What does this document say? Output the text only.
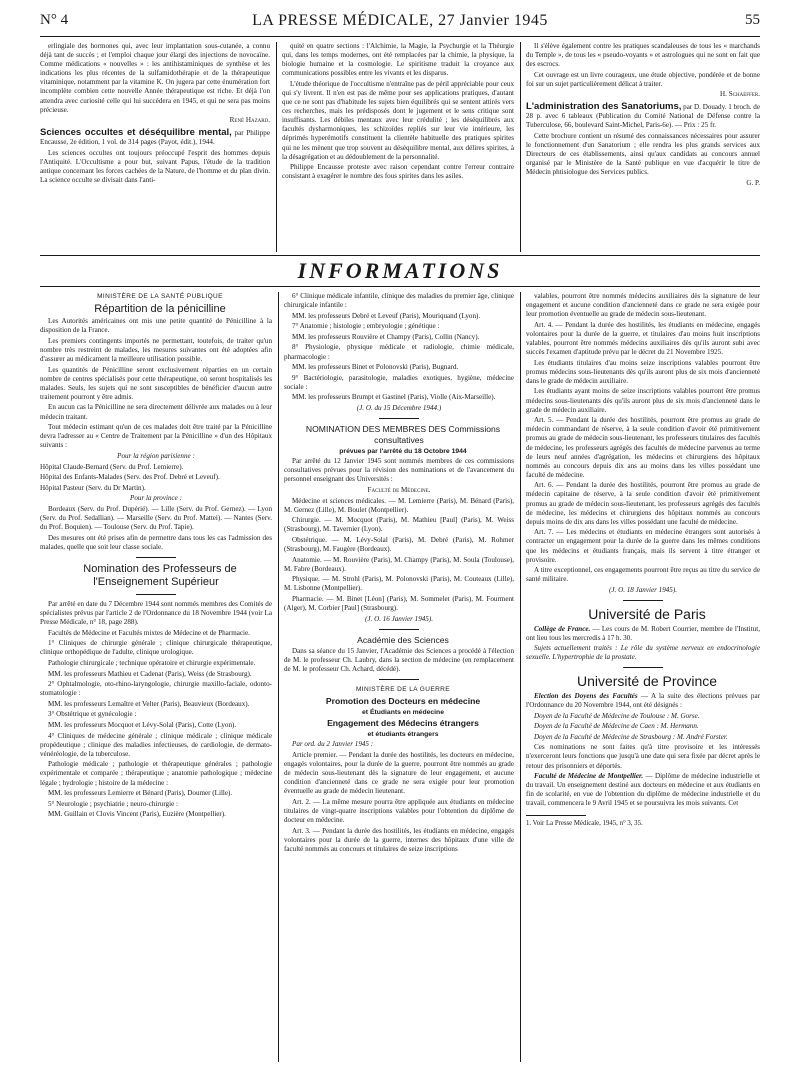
N° 4	LA PRESSE MÉDICALE, 27 Janvier 1945	55

erlingiale des hormones qui, avec leur implantation sous-cutanée, a connu déjà tant de succès ; et l'emploi chaque jour élargi des injections de novocaïne. Comme médications « nouvelles » : les antihistaminiques de synthèse et les indications les plus récentes de la sulfamidothérapie et de la thérapeutique vitaminique, notamment par la vitamine K. On jugera par cette énumération fort incomplète combien cette nouvelle Année thérapeutique est riche. Et déjà l'on attendra avec curiosité celle qui lui succédera en 1945, et qui ne sera pas moins précieuse.

René Hazard.

Sciences occultes et déséquilibre mental, par Philippe Encausse, 2e édition, 1 vol. de 314 pages (Payot, édit.), 1944.

Les sciences occultes ont toujours préoccupé l'esprit des hommes depuis l'Antiquité. L'Occultisme a pour but, suivant Papus, l'étude de la tradition antique concernant les forces cachées de la Nature, de l'homme et du plan divin. La science occulte se divisait dans l'anti-

quité en quatre sections : l'Alchimie, la Magie, la Psychurgie et la Théurgie qui, dans les temps modernes, ont été remplacées par la chimie, la physique, la biologie humaine et la cosmologie. Le spiritisme traduit la croyance aux communications possibles entre les vivants et les disparus.

L'étude théorique de l'occultisme n'entraîne pas de péril appréciable pour ceux qui s'y livrent. Il n'en est pas de même pour ses applications pratiques, d'autant que ce ne sont pas d'habitude les sujets bien équilibrés qui se sentent attirés vers ces recherches, mais les prédisposés dont le jugement et le sens critique sont insuffisants. Les débiles mentaux avec leur crédulité ; les déséquilibrés aux facultés dysharmoniques, les schizoïdes repliés sur leur vie intérieure, les déprimés hyperémotifs constituent la clientèle habituelle des pratiques spirites qui ne les mènent que trop souvent au déséquilibre mental, aux délires spirites, à la désagrégation et au dédoublement de la personnalité.

Philippe Encausse proteste avec raison cependant contre l'erreur contraire consistant à exagérer le nombre des fous spirites dans les asiles.

Il s'élève également contre les pratiques scandaleuses de tous les « marchands du Temple », de tous les « pseudo-voyants » et astrologues qui ne sont en fait que des escrocs.

Cet ouvrage est un livre courageux, une étude objective, pondérée et de bonne foi sur un sujet particulièrement délicat à traiter.

H. Schaeffer.

L'administration des Sanatoriums, par D. Douady. 1 broch. de 28 p. avec 6 tableaux (Publication du Comité National de Défense contre la Tuberculose, 66, boulevard Saint-Michel, Paris-6e). — Prix : 25 fr.

Cette brochure contient un résumé des connaissances nécessaires pour assurer le fonctionnement d'un Sanatorium ; elle rendra les plus grands services aux Directeurs de ces établissements, ainsi qu'aux candidats au concours annuel organisé par le Ministère de la Santé publique en vue d'acquérir le titre de Médecin phtisiologue des Services publics.

G. P.

INFORMATIONS

MINISTÈRE DE LA SANTÉ PUBLIQUE

Répartition de la pénicilline

Les Autorités américaines ont mis une petite quantité de Pénicilline à la disposition de la France.

Les premiers contingents importés ne permettant, toutefois, de traiter qu'un nombre très restreint de malades, les mesures suivantes ont été adoptées afin d'assurer au médicament la meilleure utilisation possible.

Les quantités de Pénicilline seront exclusivement réparties en un certain nombre de centres spécialisés pour cette thérapeutique, où seront hospitalisés les malades. Seuls, les sujets qui ne sont susceptibles de bénéficier d'aucun autre traitement pourront y être admis.

En aucun cas la Pénicilline ne sera directement délivrée aux malades ou à leur médecin traitant.

Tout médecin estimant qu'un de ces malades doit être traité par la Pénicilline devra l'adresser au « Centre de Traitement par la Pénicilline » d'un des Hôpitaux suivants :

Pour la région parisienne :

Hôpital Claude-Bernard (Serv. du Prof. Lemierre).

Hôpital des Enfants-Malades (Serv. des Prof. Debré et Leveuf).

Hôpital Pasteur (Serv. du Dr Martin).

Pour la province :

Bordeaux (Serv. du Prof. Dupérié). — Lille (Serv. du Prof. Gernez). — Lyon (Serv. du Prof. Sedallian). — Marseille (Serv. du Prof. Mattei). — Nantes (Serv. du Prof. Boquien). — Toulouse (Serv. du Prof. Tapie).

Des mesures ont été prises afin de permettre dans tous les cas l'admission des malades, quelle que soit leur classe sociale.

Nomination des Professeurs de l'Enseignement Supérieur

Par arrêté en date du 7 Décembre 1944 sont nommés membres des Comités de spécialistes prévus par l'article 2 de l'Ordonnance du 18 Novembre 1944 (voir La Presse Médicale, n° 18, page 288).

Facultés de Médecine et Facultés mixtes de Médecine et de Pharmacie.

1° Cliniques de chirurgie générale ; clinique chirurgicale thérapeutique, clinique orthopédique de l'adulte, clinique urologique.

Pathologie chirurgicale ; technique opératoire et chirurgie expérimentale.

MM. les professeurs Mathieu et Cadenat (Paris), Weiss (de Strasbourg).

2° Ophtalmologie, oto-rhino-laryngologie, chirurgie maxillo-faciale, odonto-stomatologie :

MM. les professeurs Lemaître et Velter (Paris), Beauvieux (Bordeaux).

3° Obstétrique et gynécologie :

MM. les professeurs Mocquot et Lévy-Solal (Paris), Cotte (Lyon).

4° Cliniques de médecine générale ; clinique médicale ; clinique médicale propédeutique ; clinique des maladies infectieuses, de cardiologie, de dermato-vénéréologie, de la tuberculose.

Pathologie médicale ; pathologie et thérapeutique générales ; pathologie expérimentale et comparée ; thérapeutique ; anatomie pathologique ; médecine légale ; hydrologie ; histoire de la médecine :

MM. les professeurs Lemierre et Bénard (Paris), Doumer (Lille).

5° Neurologie ; psychiatrie ; neuro-chirurgie :

MM. Guillain et Clovis Vincent (Paris), Euzière (Montpellier).

6° Clinique médicale infantile, clinique des maladies du premier âge, clinique chirurgicale infantile :

MM. les professeurs Debré et Leveuf (Paris), Mouriquand (Lyon).

7° Anatomie ; histologie ; embryologie ; génétique :

MM. les professeurs Rouvière et Champy (Paris), Collin (Nancy).

8° Physiologie, physique médicale et radiologie, chimie médicale, pharmacologie :

MM. les professeurs Binet et Polonovski (Paris), Bugnard.

9° Bactériologie, parasitologie, maladies exotiques, hygiène, médecine sociale :

MM. les professeurs Brumpt et Gastinel (Paris), Violle (Aix-Marseille).

(J. O. du 15 Décembre 1944.)

NOMINATION DES MEMBRES DES Commissions consultatives

prévues par l'arrêté du 18 Octobre 1944

Par arrêté du 12 Janvier 1945 sont nommés membres de ces commissions consultatives prévues pour la révision des nominations et de l'avancement du personnel enseignant des Universités :

Faculté de Médecine.

Médecine et sciences médicales. — M. Lemierre (Paris), M. Bénard (Paris), M. Gernez (Lille), M. Boulet (Montpellier).

Chirurgie. — M. Mocquot (Paris), M. Mathieu [Paul] (Paris), M. Weiss (Strasbourg), M. Tavernier (Lyon).

Obstétrique. — M. Lévy-Solal (Paris), M. Debré (Paris), M. Rohmer (Strasbourg), M. Faugère (Bordeaux).

Anatomie. — M. Rouvière (Paris), M. Champy (Paris), M. Soula (Toulouse), M. Fabre (Bordeaux).

Physique. — M. Strohl (Paris), M. Polonovski (Paris), M. Couteaux (Lille), M. Lisbonne (Montpellier).

Pharmacie. — M. Binet [Léon] (Paris), M. Sommelet (Paris), M. Fourment (Alger), M. Corbier [Paul] (Strasbourg).

(J. O. 16 Janvier 1945).

Académie des Sciences

Dans sa séance du 15 Janvier, l'Académie des Sciences a procédé à l'élection de M. le professeur Ch. Laubry, dans la section de médecine (en remplacement de M. le professeur Ch. Achard, décédé).

MINISTÈRE DE LA GUERRE

Promotion des Docteurs en médecine

et Étudiants en médecine

Engagement des Médecins étrangers

et étudiants étrangers

Par ord. du 2 Janvier 1945 :

Article premier. — Pendant la durée des hostilités, les docteurs en médecine, engagés volontaires, pour la durée de la guerre, pourront être nommés au grade de médecin sous-lieutenant dès la signature de leur engagement, et aucune condition d'ancienneté dans ce grade ne sera exigée pour leur promotion éventuelle au grade de médecin lieutenant.

Art. 2. — La même mesure pourra être appliquée aux étudiants en médecine titulaires de vingt-quatre inscriptions valables pour l'obtention du diplôme de docteur en médecine.

Art. 3. — Pendant la durée des hostilités, les étudiants en médecine, engagés volontaires pour la durée de la guerre, internes des hôpitaux d'une ville de faculté nommés au concours et titulaires de seize inscriptions

valables, pourront être nommés médecins auxiliaires dès la signature de leur engagement et aucune condition d'ancienneté dans ce grade ne sera exigée pour leur promotion éventuelle au grade de médecin sous-lieutenant.

Art. 4. — Pendant la durée des hostilités, les étudiants en médecine, engagés volontaires pour la durée de la guerre, et titulaires d'au moins huit inscriptions valables, pourront être nommés médecins auxiliaires dès qu'ils auront subi avec succès l'examen d'aptitude prévu par le décret du 21 Novembre 1925.

Les étudiants titulaires d'au moins seize inscriptions valables pourront être promus médecins sous-lieutenants dès qu'ils auront plus de six mois d'ancienneté dans le grade de médecin auxiliaire.

Les étudiants ayant moins de seize inscriptions valables pourront être promus médecins sous-lieutenants dès qu'ils auront plus de six mois d'ancienneté dans le grade de médecin auxiliaire.

Art. 5. — Pendant la durée des hostilités, pourront être promus au grade de médecin commandant de réserve, à la seule condition d'avoir été primitivement promus au grade de médecin sous-lieutenant, les professeurs titulaires des facultés de médecine, les professeurs agrégés des facultés de médecine parvenus au terme de leurs neuf années d'agrégation, les médecins et chirurgiens des hôpitaux nommés au concours depuis dix ans au moins dans les villes possédant une faculté de médecine.

Art. 6. — Pendant la durée des hostilités, pourront être promus au grade de médecin capitaine de réserve, à la seule condition d'avoir été primitivement promus au grade de médecin sous-lieutenant, les professeurs agrégés des facultés de médecine, les médecins et chirurgiens des hôpitaux nommés au concours depuis moins de dix ans dans les villes possédant une faculté de médecine.

Art. 7. — Les médecins et étudiants en médecine étrangers sont autorisés à contracter un engagement pour la durée de la guerre dans les mêmes conditions que les médecins et étudiants français, mais ils servent à titre étranger et provisoire.

A titre exceptionnel, ces engagements pourront être reçus au titre du service de santé militaire.

(J. O. 18 Janvier 1945).

Université de Paris

Collège de France. — Les cours de M. Robert Courrier, membre de l'Institut, ont lieu tous les mercredis à 17 h. 30.

Sujets actuellement traités : Le rôle du système nerveux en endocrinologie sexuelle. L'hypertrophie de la prostate.

Université de Province

Election des Doyens des Facultés — A la suite des élections prévues par l'Ordonnance du 20 Novembre 1944, ont été désignés :

Doyen de la Faculté de Médecine de Toulouse : M. Gorse.

Doyen de la Faculté de Médecine de Caen : M. Hermann.

Doyen de la Faculté de Médecine de Strasbourg : M. André Forster.

Ces nominations ne sont faites qu'à titre provisoire et les intéressés n'exerceront leurs fonctions que jusqu'à une date qui sera fixée par décret après le retour des prisonniers et déportés.

Faculté de Médecine de Montpellier. — Diplôme de médecine industrielle et du travail. Un enseignement destiné aux docteurs en médecine et aux étudiants en fin de scolarité, en vue de l'obtention du diplôme de médecine industrielle et du travail, commencera le 9 Avril 1945 et se poursuivra les mois suivants. Cet

1. Voir La Presse Médicale, 1945, n° 3, 35.
